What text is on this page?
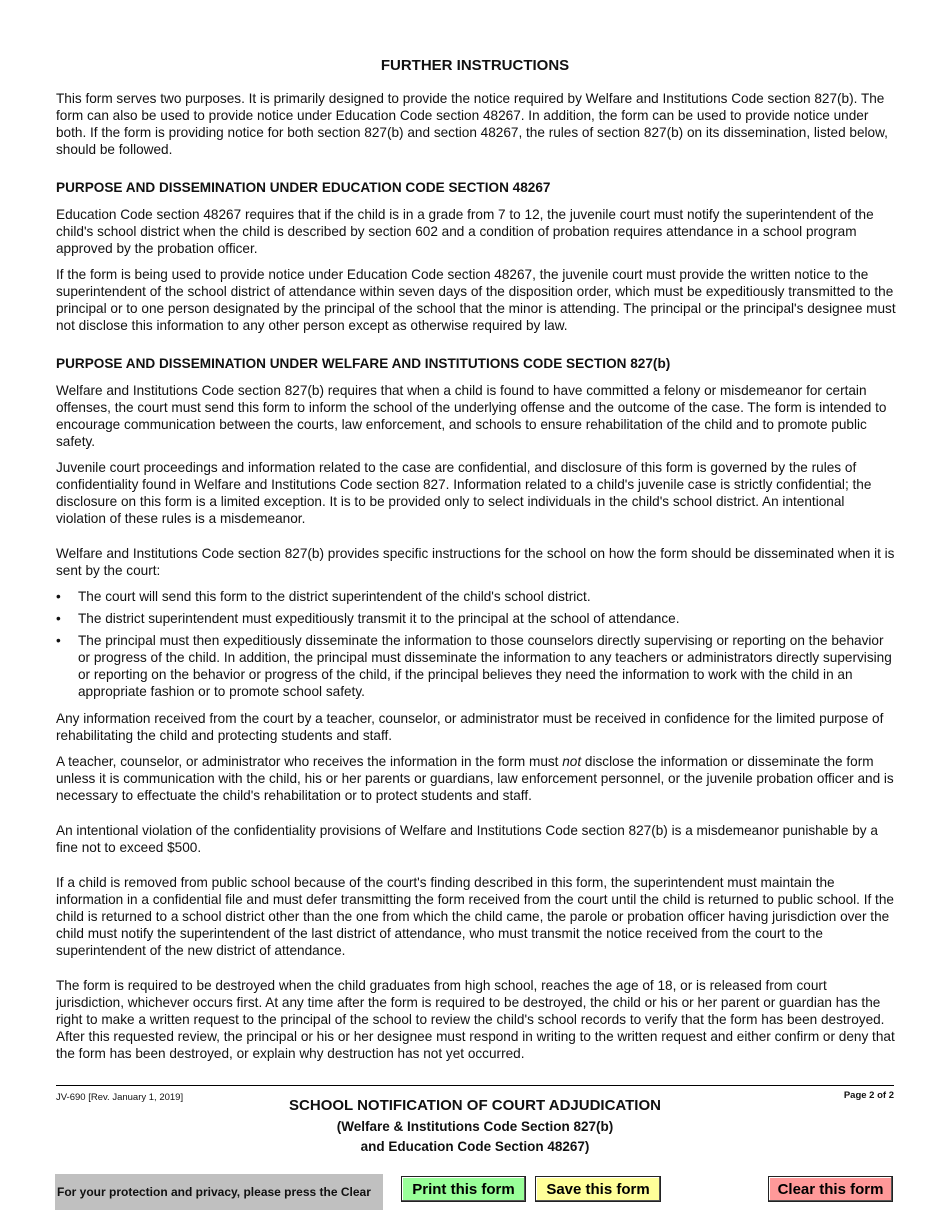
FURTHER INSTRUCTIONS

This form serves two purposes. It is primarily designed to provide the notice required by Welfare and Institutions Code section 827(b). The form can also be used to provide notice under Education Code section 48267. In addition, the form can be used to provide notice under both. If the form is providing notice for both section 827(b) and section 48267, the rules of section 827(b) on its dissemination, listed below, should be followed.

PURPOSE AND DISSEMINATION UNDER EDUCATION CODE SECTION 48267

Education Code section 48267 requires that if the child is in a grade from 7 to 12, the juvenile court must notify the superintendent of the child's school district when the child is described by section 602 and a condition of probation requires attendance in a school program approved by the probation officer.

If the form is being used to provide notice under Education Code section 48267, the juvenile court must provide the written notice to the superintendent of the school district of attendance within seven days of the disposition order, which must be expeditiously transmitted to the principal or to one person designated by the principal of the school that the minor is attending. The principal or the principal's designee must not disclose this information to any other person except as otherwise required by law.

PURPOSE AND DISSEMINATION UNDER WELFARE AND INSTITUTIONS CODE SECTION 827(b)

Welfare and Institutions Code section 827(b) requires that when a child is found to have committed a felony or misdemeanor for certain offenses, the court must send this form to inform the school of the underlying offense and the outcome of the case. The form is intended to encourage communication between the courts, law enforcement, and schools to ensure rehabilitation of the child and to promote public safety.

Juvenile court proceedings and information related to the case are confidential, and disclosure of this form is governed by the rules of confidentiality found in Welfare and Institutions Code section 827. Information related to a child's juvenile case is strictly confidential; the disclosure on this form is a limited exception. It is to be provided only to select individuals in the child's school district. An intentional violation of these rules is a misdemeanor.

Welfare and Institutions Code section 827(b) provides specific instructions for the school on how the form should be disseminated when it is sent by the court:

• The court will send this form to the district superintendent of the child's school district.
• The district superintendent must expeditiously transmit it to the principal at the school of attendance.
• The principal must then expeditiously disseminate the information to those counselors directly supervising or reporting on the behavior or progress of the child. In addition, the principal must disseminate the information to any teachers or administrators directly supervising or reporting on the behavior or progress of the child, if the principal believes they need the information to work with the child in an appropriate fashion or to promote school safety.

Any information received from the court by a teacher, counselor, or administrator must be received in confidence for the limited purpose of rehabilitating the child and protecting students and staff.

A teacher, counselor, or administrator who receives the information in the form must not disclose the information or disseminate the form unless it is communication with the child, his or her parents or guardians, law enforcement personnel, or the juvenile probation officer and is necessary to effectuate the child's rehabilitation or to protect students and staff.

An intentional violation of the confidentiality provisions of Welfare and Institutions Code section 827(b) is a misdemeanor punishable by a fine not to exceed $500.

If a child is removed from public school because of the court's finding described in this form, the superintendent must maintain the information in a confidential file and must defer transmitting the form received from the court until the child is returned to public school. If the child is returned to a school district other than the one from which the child came, the parole or probation officer having jurisdiction over the child must notify the superintendent of the last district of attendance, who must transmit the notice received from the court to the superintendent of the new district of attendance.

The form is required to be destroyed when the child graduates from high school, reaches the age of 18, or is released from court jurisdiction, whichever occurs first. At any time after the form is required to be destroyed, the child or his or her parent or guardian has the right to make a written request to the principal of the school to review the child's school records to verify that the form has been destroyed. After this requested review, the principal or his or her designee must respond in writing to the written request and either confirm or deny that the form has been destroyed, or explain why destruction has not yet occurred.

JV-690 [Rev. January 1, 2019]	Page 2 of 2
SCHOOL NOTIFICATION OF COURT ADJUDICATION
(Welfare & Institutions Code Section 827(b)
and Education Code Section 48267)
For your protection and privacy, please press the Clear	Print this form	Save this form	Clear this form
